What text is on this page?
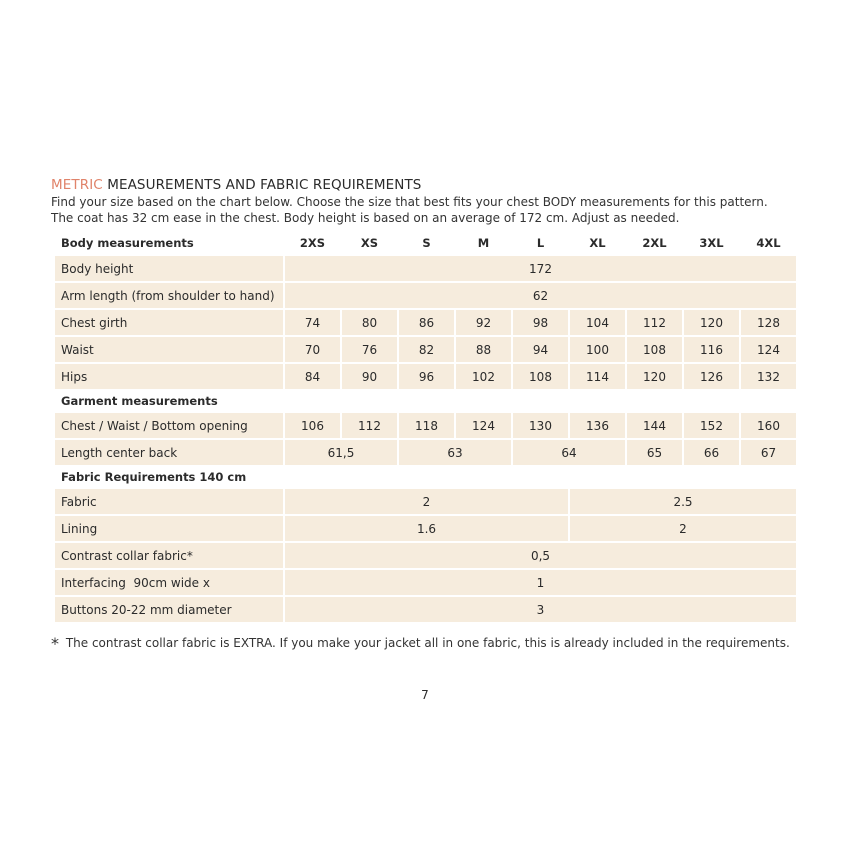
METRIC MEASUREMENTS AND FABRIC REQUIREMENTS

Find your size based on the chart below. Choose the size that best fits your chest BODY measurements for this pattern.

The coat has 32 cm ease in the chest. Body height is based on an average of 172 cm. Adjust as needed.

Body measurements	2XS	XS	S	M	L	XL	2XL	3XL	4XL
Body height	172								
Arm length (from shoulder to hand)	62								
Chest girth	74	80	86	92	98	104	112	120	128
Waist	70	76	82	88	94	100	108	116	124
Hips	84	90	96	102	108	114	120	126	132
Garment measurements									
Chest / Waist / Bottom opening	106	112	118	124	130	136	144	152	160
Length center back	61,5		63		64		65	66	67
Fabric Requirements 140 cm									
Fabric	2					2.5			
Lining	1.6					2			
Contrast collar fabric*	0,5								
Interfacing  90cm wide x	1								
Buttons 20-22 mm diameter	3								
* The contrast collar fabric is EXTRA. If you make your jacket all in one fabric, this is already included in the requirements.
7
